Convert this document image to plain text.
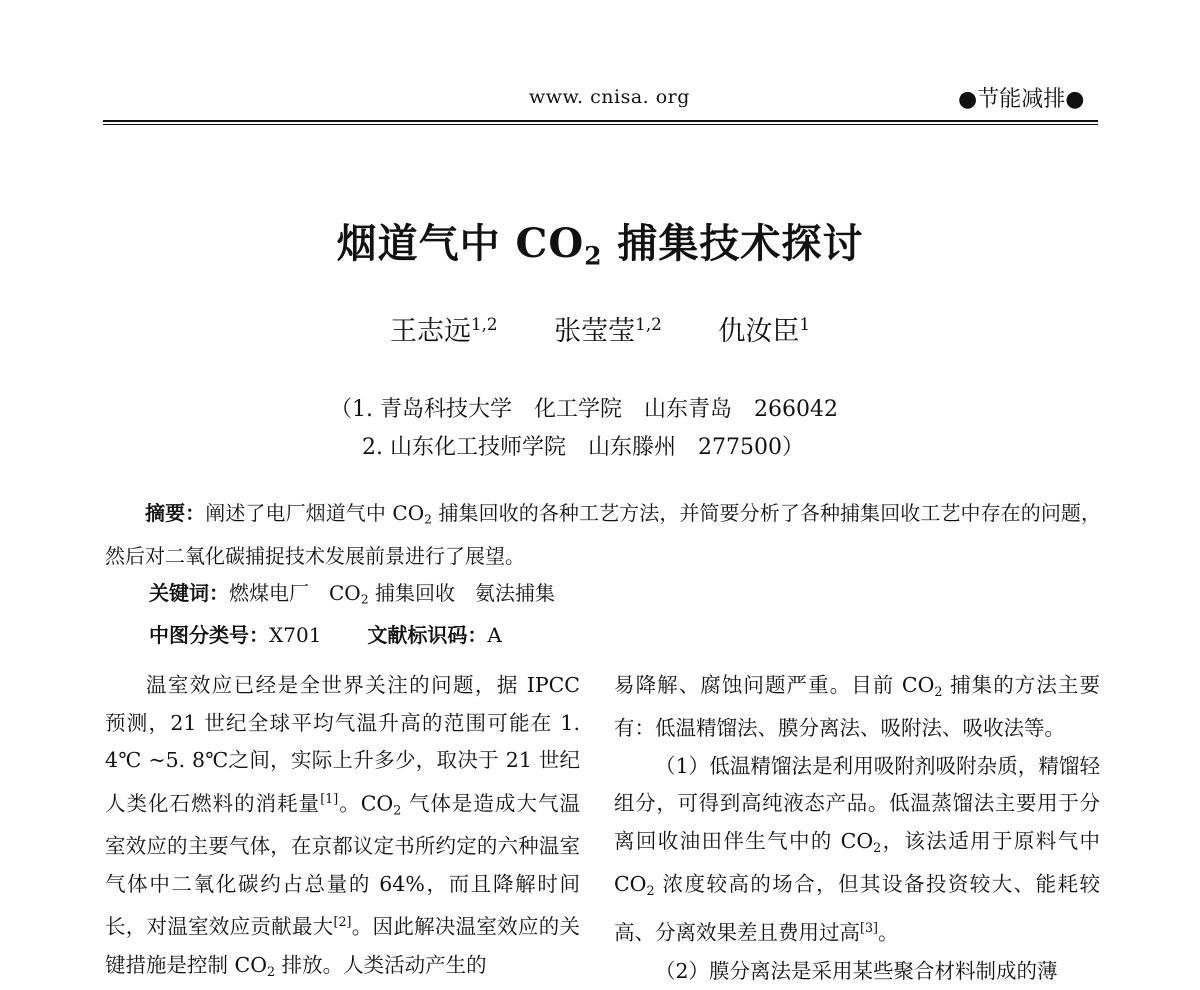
www. cnisa. org	●节能减排●
烟道气中 $CO_2$ 捕集技术探讨
王志远$^{1,2}$ 张莹莹$^{1,2}$ 仇汝臣$^1$
（1. 青岛科技大学　化工学院　山东青岛　266042
2. 山东化工技师学院　山东滕州　277500）

摘要：阐述了电厂烟道气中 $CO_2$ 捕集回收的各种工艺方法，并简要分析了各种捕集回收工艺中存在的问题，然后对二氧化碳捕捉技术发展前景进行了展望。

关键词：燃煤电厂　$CO_2$ 捕集回收　氨法捕集
中图分类号：X701 文献标识码：A

温室效应已经是全世界关注的问题，据 IPCC 预测，21 世纪全球平均气温升高的范围可能在 1. 4℃ ~5. 8℃之间，实际上升多少，取决于 21 世纪人类化石燃料的消耗量[1]。$CO_2$ 气体是造成大气温室效应的主要气体，在京都议定书所约定的六种温室气体中二氧化碳约占总量的 64%，而且降解时间长，对温室效应贡献最大[2]。因此解决温室效应的关键措施是控制 $CO_2$ 排放。人类活动产生的

易降解、腐蚀问题严重。目前 $CO_2$ 捕集的方法主要有：低温精馏法、膜分离法、吸附法、吸收法等。

（1）低温精馏法是利用吸附剂吸附杂质，精馏轻组分，可得到高纯液态产品。低温蒸馏法主要用于分离回收油田伴生气中的 $CO_2$，该法适用于原料气中 $CO_2$ 浓度较高的场合，但其设备投资较大、能耗较高、分离效果差且费用过高[3]。

（2）膜分离法是采用某些聚合材料制成的薄
